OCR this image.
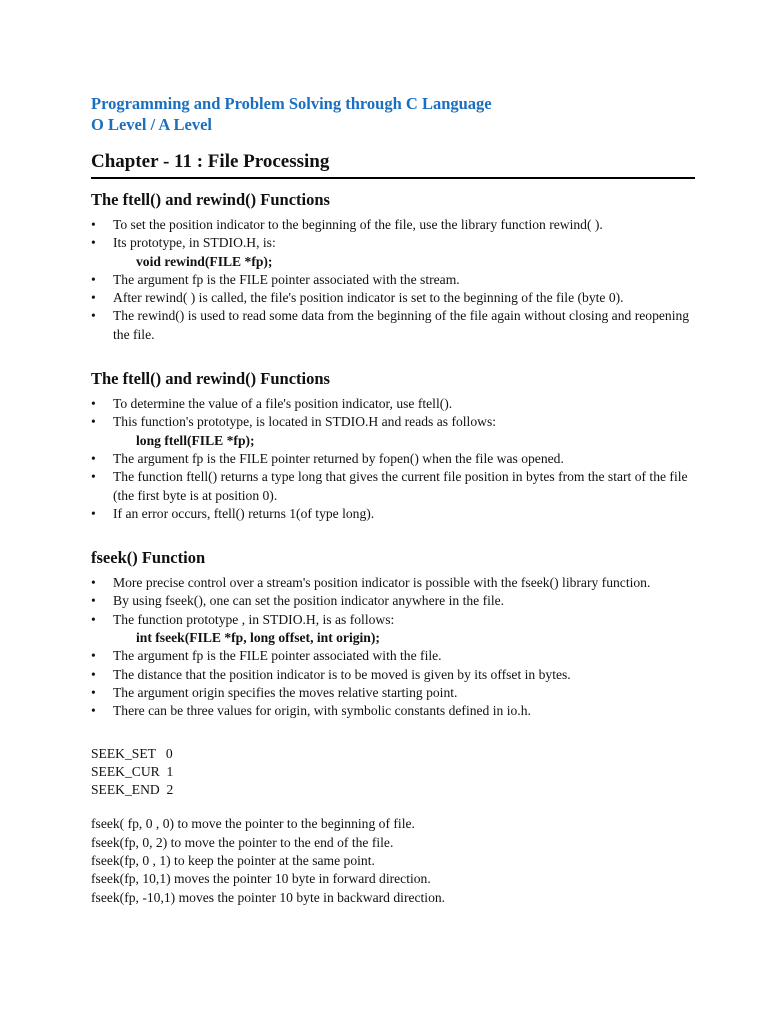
Programming and Problem Solving through C Language
O Level / A Level
Chapter - 11 : File Processing
The ftell() and rewind() Functions
• To set the position indicator to the beginning of the file, use the library function rewind( ).
• Its prototype, in STDIO.H, is:
void rewind(FILE *fp);
• The argument fp is the FILE pointer associated with the stream.
• After rewind( ) is called, the file's position indicator is set to the beginning of the file (byte 0).
• The rewind() is used to read some data from the beginning of the file again without closing and reopening the file.
The ftell() and rewind() Functions
• To determine the value of a file's position indicator, use ftell().
• This function's prototype, is located in STDIO.H and reads as follows:
long ftell(FILE *fp);
• The argument fp is the FILE pointer returned by fopen() when the file was opened.
• The function ftell() returns a type long that gives the current file position in bytes from the start of the file (the first byte is at position 0).
• If an error occurs, ftell() returns 1(of type long).
fseek() Function
• More precise control over a stream's position indicator is possible with the fseek() library function.
• By using fseek(), one can set the position indicator anywhere in the file.
• The function prototype , in STDIO.H, is as follows:
int fseek(FILE *fp, long offset, int origin);
• The argument fp is the FILE pointer associated with the file.
• The distance that the position indicator is to be moved is given by its offset in bytes.
• The argument origin specifies the moves relative starting point.
• There can be three values for origin, with symbolic constants defined in io.h.
SEEK_SET   0
SEEK_CUR  1
SEEK_END  2
fseek( fp, 0 , 0) to move the pointer to the beginning of file.
fseek(fp, 0, 2) to move the pointer to the end of the file.
fseek(fp, 0 , 1) to keep the pointer at the same point.
fseek(fp, 10,1) moves the pointer 10 byte in forward direction.
fseek(fp, -10,1) moves the pointer 10 byte in backward direction.
